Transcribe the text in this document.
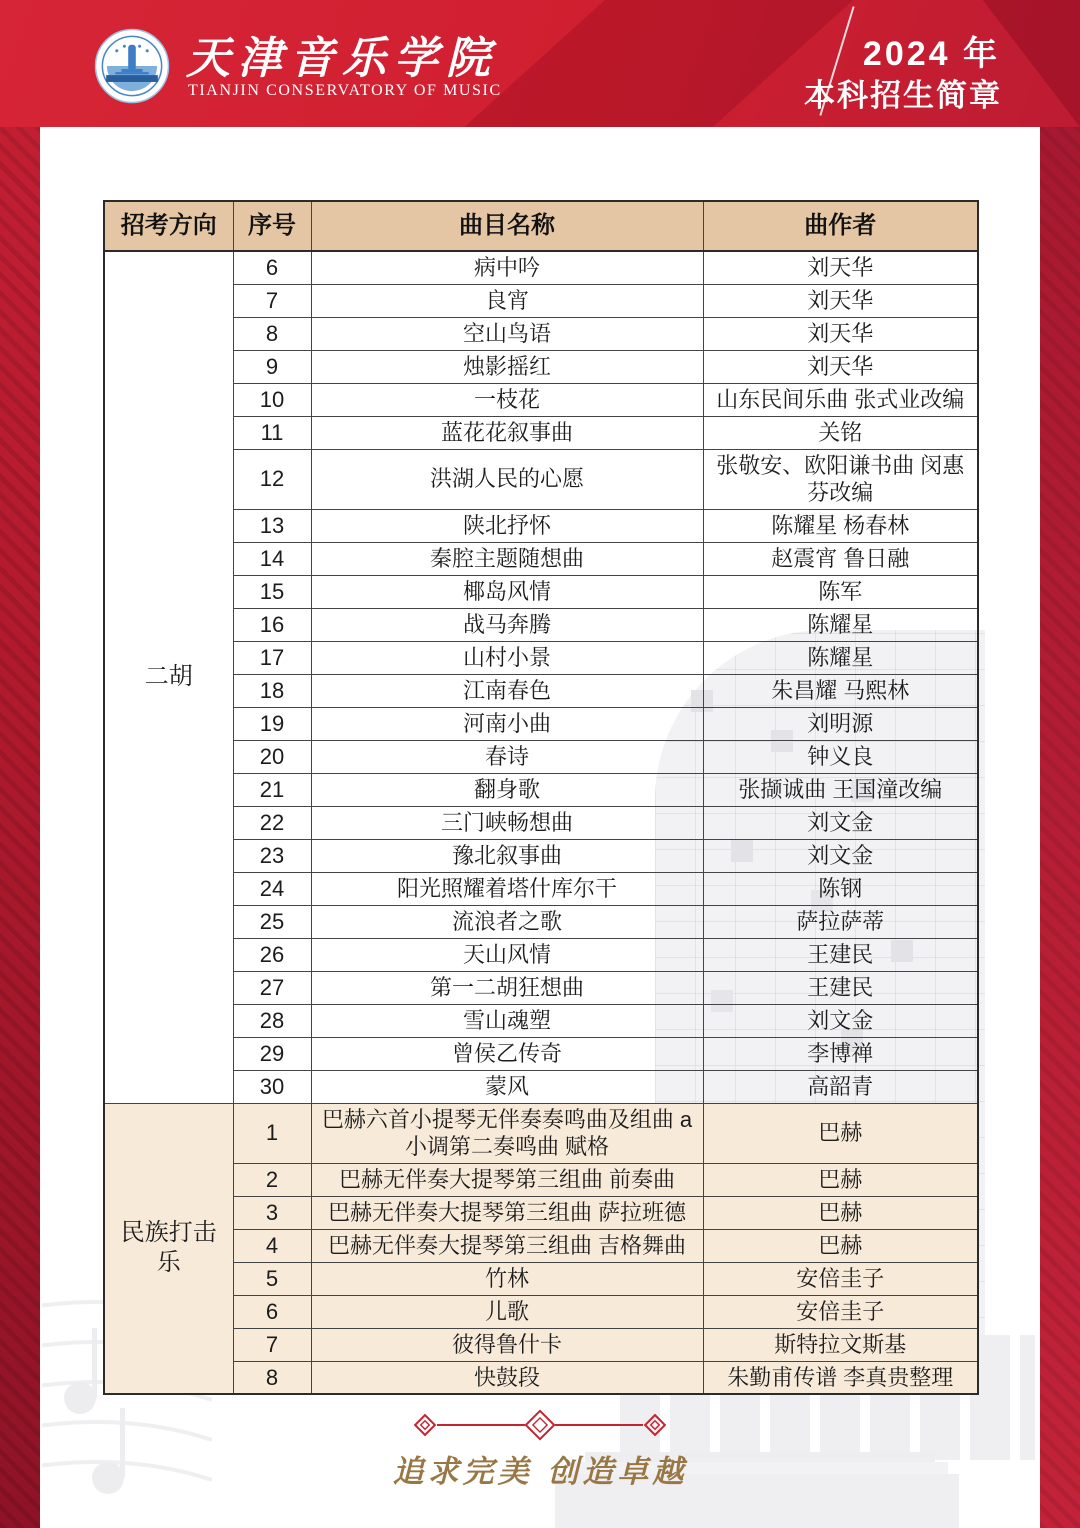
天津音乐学院
TIANJIN CONSERVATORY OF MUSIC
2024 年
本科招生简章
招考方向	序号	曲目名称	曲作者
二胡	6	病中吟	刘天华
	7	良宵	刘天华
	8	空山鸟语	刘天华
	9	烛影摇红	刘天华
	10	一枝花	山东民间乐曲 张式业改编
	11	蓝花花叙事曲	关铭
	12	洪湖人民的心愿	张敬安、欧阳谦书曲 闵惠芬改编
	13	陕北抒怀	陈耀星 杨春林
	14	秦腔主题随想曲	赵震宵 鲁日融
	15	椰岛风情	陈军
	16	战马奔腾	陈耀星
	17	山村小景	陈耀星
	18	江南春色	朱昌耀 马熙林
	19	河南小曲	刘明源
	20	春诗	钟义良
	21	翻身歌	张撷诚曲 王国潼改编
	22	三门峡畅想曲	刘文金
	23	豫北叙事曲	刘文金
	24	阳光照耀着塔什库尔干	陈钢
	25	流浪者之歌	萨拉萨蒂
	26	天山风情	王建民
	27	第一二胡狂想曲	王建民
	28	雪山魂塑	刘文金
	29	曾侯乙传奇	李博禅
	30	蒙风	高韶青
民族打击乐	1	巴赫六首小提琴无伴奏奏鸣曲及组曲 a小调第二奏鸣曲 赋格	巴赫
	2	巴赫无伴奏大提琴第三组曲 前奏曲	巴赫
	3	巴赫无伴奏大提琴第三组曲 萨拉班德	巴赫
	4	巴赫无伴奏大提琴第三组曲 吉格舞曲	巴赫
	5	竹林	安倍圭子
	6	儿歌	安倍圭子
	7	彼得鲁什卡	斯特拉文斯基
	8	快鼓段	朱勤甫传谱 李真贵整理
追求完美 创造卓越
